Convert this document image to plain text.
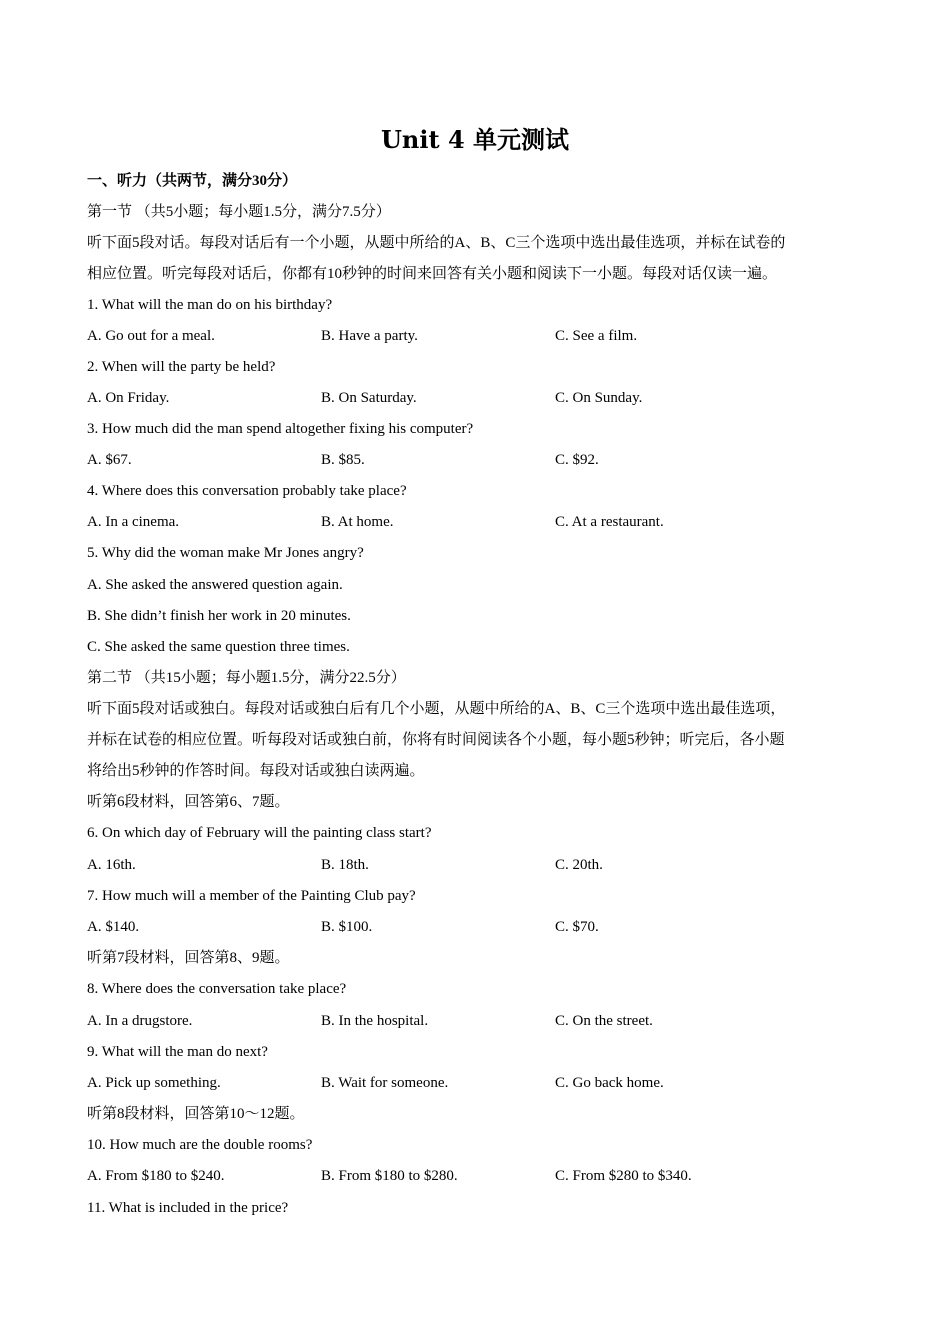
Unit 4 单元测试
一、听力（共两节，满分30分）
第一节 （共5小题；每小题1.5分，满分7.5分）
听下面5段对话。每段对话后有一个小题，从题中所给的A、B、C三个选项中选出最佳选项，并标在试卷的
相应位置。听完每段对话后，你都有10秒钟的时间来回答有关小题和阅读下一小题。每段对话仅读一遍。
1. What will the man do on his birthday?
A. Go out for a meal.	B. Have a party.	C. See a film.
2. When will the party be held?
A. On Friday.	B. On Saturday.	C. On Sunday.
3. How much did the man spend altogether fixing his computer?
A. $67.	B. $85.	C. $92.
4. Where does this conversation probably take place?
A. In a cinema.	B. At home.	C. At a restaurant.
5. Why did the woman make Mr Jones angry?
A. She asked the answered question again.
B. She didn’t finish her work in 20 minutes.
C. She asked the same question three times.
第二节 （共15小题；每小题1.5分，满分22.5分）
听下面5段对话或独白。每段对话或独白后有几个小题，从题中所给的A、B、C三个选项中选出最佳选项，
并标在试卷的相应位置。听每段对话或独白前，你将有时间阅读各个小题，每小题5秒钟；听完后，各小题
将给出5秒钟的作答时间。每段对话或独白读两遍。
听第6段材料，回答第6、7题。
6. On which day of February will the painting class start?
A. 16th.	B. 18th.	C. 20th.
7. How much will a member of the Painting Club pay?
A. $140.	B. $100.	C. $70.
听第7段材料，回答第8、9题。
8. Where does the conversation take place?
A. In a drugstore.	B. In the hospital.	C. On the street.
9. What will the man do next?
A. Pick up something.	B. Wait for someone.	C. Go back home.
听第8段材料，回答第10～12题。
10. How much are the double rooms?
A. From $180 to $240.	B. From $180 to $280.	C. From $280 to $340.
11. What is included in the price?
